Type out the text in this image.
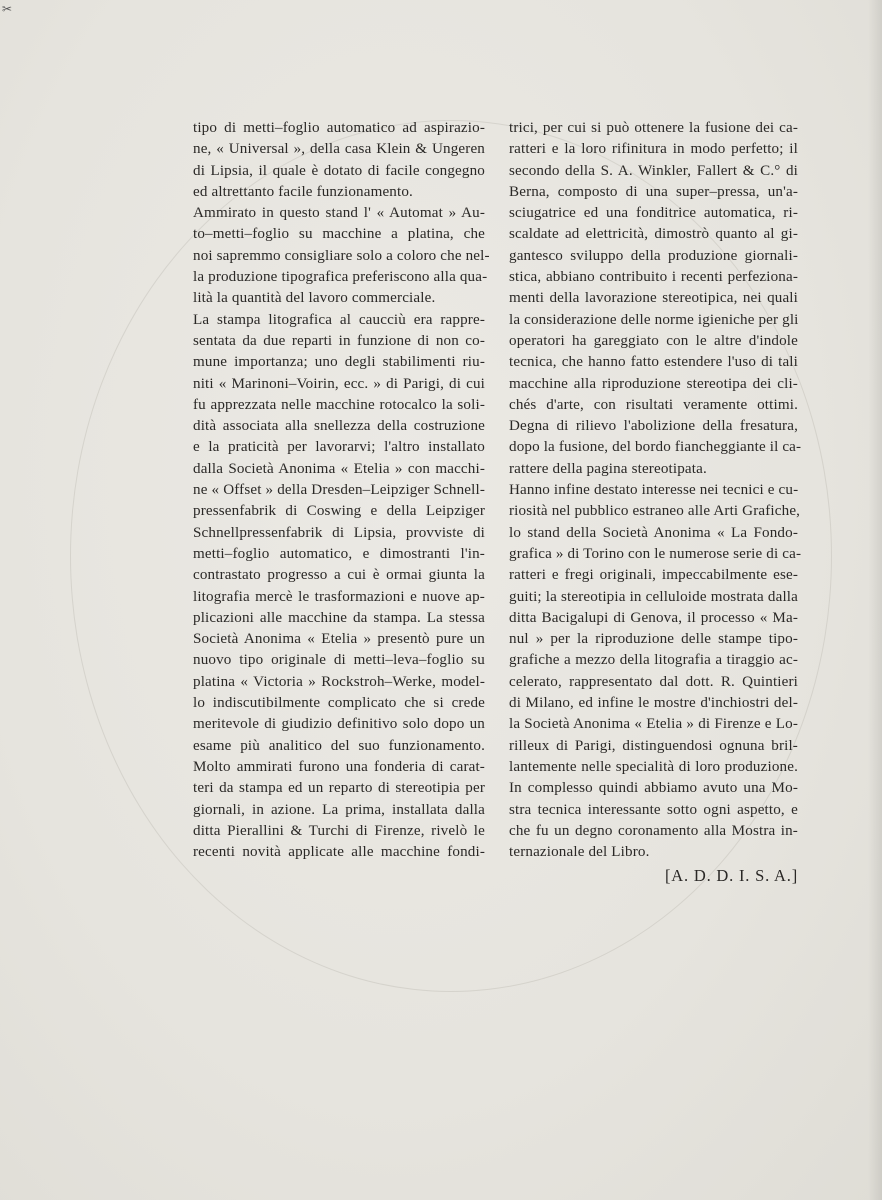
✂
tipo di metti–foglio automatico ad aspirazio-
ne, « Universal », della casa Klein & Ungeren
di Lipsia, il quale è dotato di facile congegno
ed altrettanto facile funzionamento.
Ammirato in questo stand l' « Automat » Au-
to–metti–foglio su macchine a platina, che
noi sapremmo consigliare solo a coloro che nel-
la produzione tipografica preferiscono alla qua-
lità la quantità del lavoro commerciale.
La stampa litografica al caucciù era rappre-
sentata da due reparti in funzione di non co-
mune importanza; uno degli stabilimenti riu-
niti « Marinoni–Voirin, ecc. » di Parigi, di cui
fu apprezzata nelle macchine rotocalco la soli-
dità associata alla snellezza della costruzione
e la praticità per lavorarvi; l'altro installato
dalla Società Anonima « Etelia » con macchi-
ne « Offset » della Dresden–Leipziger Schnell-
pressenfabrik di Coswing e della Leipziger
Schnellpressenfabrik di Lipsia, provviste di
metti–foglio automatico, e dimostranti l'in-
contrastato progresso a cui è ormai giunta la
litografia mercè le trasformazioni e nuove ap-
plicazioni alle macchine da stampa. La stessa
Società Anonima « Etelia » presentò pure un
nuovo tipo originale di metti–leva–foglio su
platina « Victoria » Rockstroh–Werke, model-
lo indiscutibilmente complicato che si crede
meritevole di giudizio definitivo solo dopo un
esame più analitico del suo funzionamento.
Molto ammirati furono una fonderia di carat-
teri da stampa ed un reparto di stereotipia per
giornali, in azione. La prima, installata dalla
ditta Pierallini & Turchi di Firenze, rivelò le
recenti novità applicate alle macchine fondi-
trici, per cui si può ottenere la fusione dei ca-
ratteri e la loro rifinitura in modo perfetto; il
secondo della S. A. Winkler, Fallert & C.° di
Berna, composto di una super–pressa, un'a-
sciugatrice ed una fonditrice automatica, ri-
scaldate ad elettricità, dimostrò quanto al gi-
gantesco sviluppo della produzione giornali-
stica, abbiano contribuito i recenti perfeziona-
menti della lavorazione stereotipica, nei quali
la considerazione delle norme igieniche per gli
operatori ha gareggiato con le altre d'indole
tecnica, che hanno fatto estendere l'uso di tali
macchine alla riproduzione stereotipa dei cli-
chés d'arte, con risultati veramente ottimi.
Degna di rilievo l'abolizione della fresatura,
dopo la fusione, del bordo fiancheggiante il ca-
rattere della pagina stereotipata.
Hanno infine destato interesse nei tecnici e cu-
riosità nel pubblico estraneo alle Arti Grafiche,
lo stand della Società Anonima « La Fondo-
grafica » di Torino con le numerose serie di ca-
ratteri e fregi originali, impeccabilmente ese-
guiti; la stereotipia in celluloide mostrata dalla
ditta Bacigalupi di Genova, il processo « Ma-
nul » per la riproduzione delle stampe tipo-
grafiche a mezzo della litografia a tiraggio ac-
celerato, rappresentato dal dott. R. Quintieri
di Milano, ed infine le mostre d'inchiostri del-
la Società Anonima « Etelia » di Firenze e Lo-
rilleux di Parigi, distinguendosi ognuna bril-
lantemente nelle specialità di loro produzione.
In complesso quindi abbiamo avuto una Mo-
stra tecnica interessante sotto ogni aspetto, e
che fu un degno coronamento alla Mostra in-
ternazionale del Libro.
[A. D. D. I. S. A.]
